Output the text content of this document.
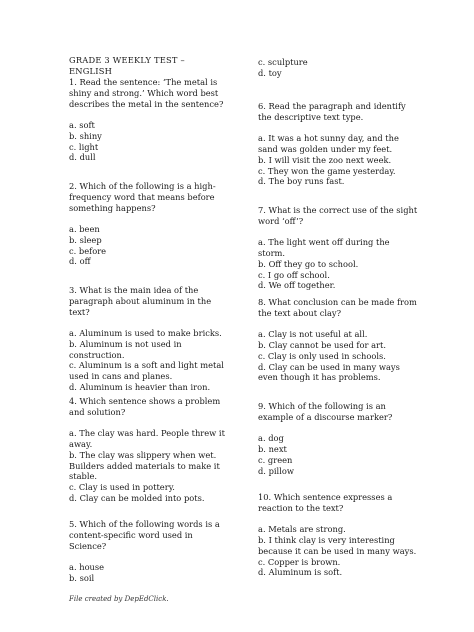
GRADE 3 WEEKLY TEST – ENGLISH

1. Read the sentence: ‘The metal is shiny and strong.’ Which word best describes the metal in the sentence?

a. soft

b. shiny

c. light

d. dull

2. Which of the following is a high-frequency word that means before something happens?

a. been

b. sleep

c. before

d. off

3. What is the main idea of the paragraph about aluminum in the text?

a. Aluminum is used to make bricks.

b. Aluminum is not used in construction.

c. Aluminum is a soft and light metal used in cans and planes.

d. Aluminum is heavier than iron.

4. Which sentence shows a problem and solution?

a. The clay was hard. People threw it away.

b. The clay was slippery when wet. Builders added materials to make it stable.

c. Clay is used in pottery.

d. Clay can be molded into pots.

5. Which of the following words is a content-specific word used in Science?

a. house

b. soil

c. sculpture

d. toy

6. Read the paragraph and identify the descriptive text type.

a. It was a hot sunny day, and the sand was golden under my feet.

b. I will visit the zoo next week.

c. They won the game yesterday.

d. The boy runs fast.

7. What is the correct use of the sight word ‘off’?

a. The light went off during the storm.

b. Off they go to school.

c. I go off school.

d. We off together.

8. What conclusion can be made from the text about clay?

a. Clay is not useful at all.

b. Clay cannot be used for art.

c. Clay is only used in schools.

d. Clay can be used in many ways even though it has problems.

9. Which of the following is an example of a discourse marker?

a. dog

b. next

c. green

d. pillow

10. Which sentence expresses a reaction to the text?

a. Metals are strong.

b. I think clay is very interesting because it can be used in many ways.

c. Copper is brown.

d. Aluminum is soft.

File created by DepEdClick.
